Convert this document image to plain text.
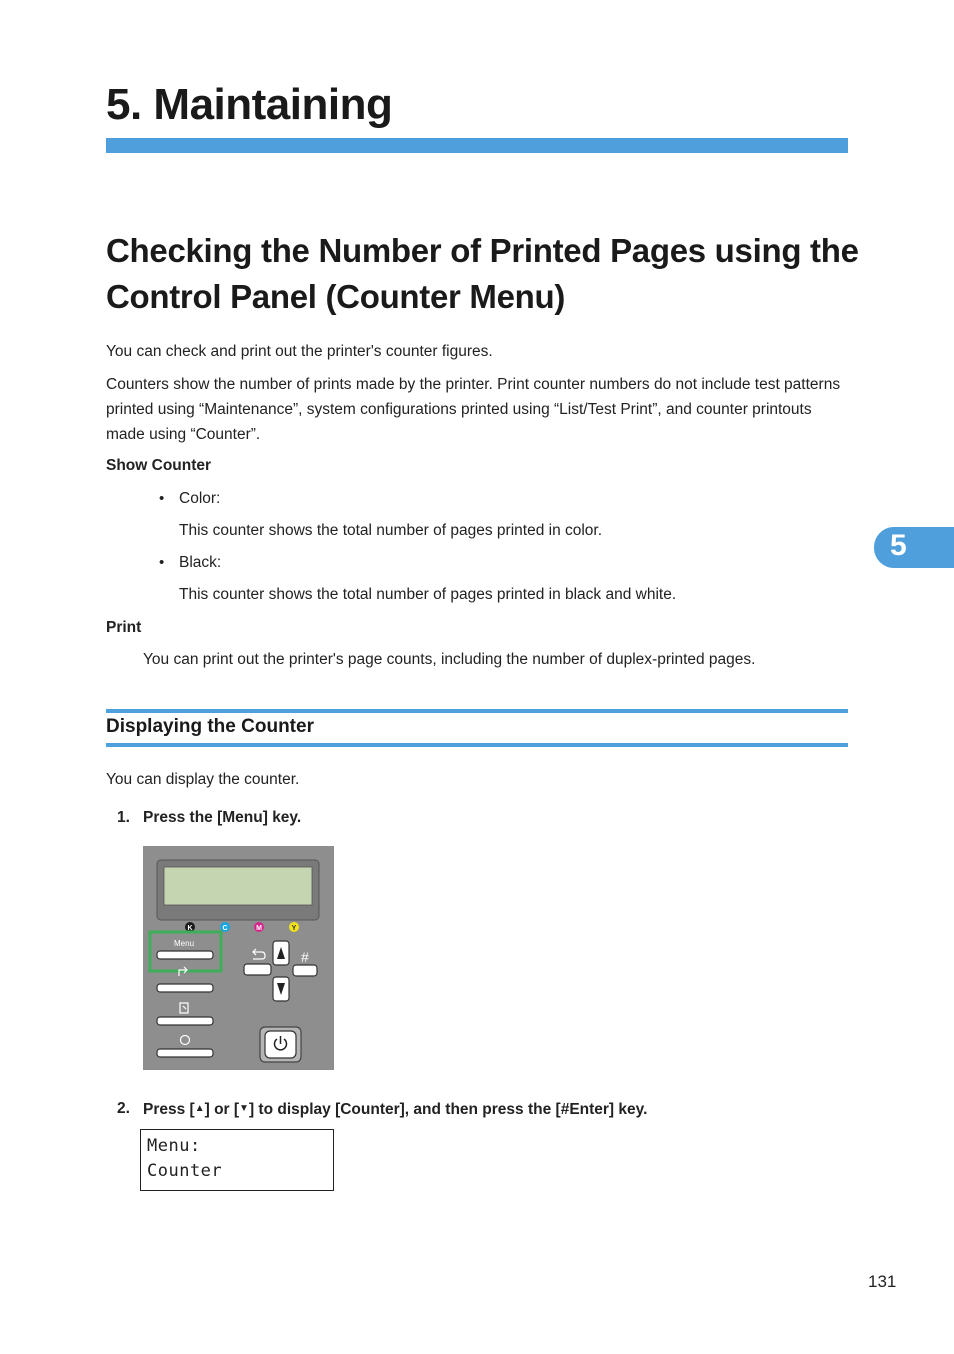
5. Maintaining
Checking the Number of Printed Pages using the
Control Panel (Counter Menu)

You can check and print out the printer's counter figures.

Counters show the number of prints made by the printer. Print counter numbers do not include test patterns

printed using “Maintenance”, system configurations printed using “List/Test Print”, and counter printouts

made using “Counter”.

Show Counter

• Color:

This counter shows the total number of pages printed in color.

• Black:

This counter shows the total number of pages printed in black and white.

Print

You can print out the printer's page counts, including the number of duplex-printed pages.

Displaying the Counter

You can display the counter.

1. Press the [Menu] key.

K	C	M	Y
Menu
#

2. Press [▲] or [▼] to display [Counter], and then press the [#Enter] key.

Menu:
Counter
5
131
